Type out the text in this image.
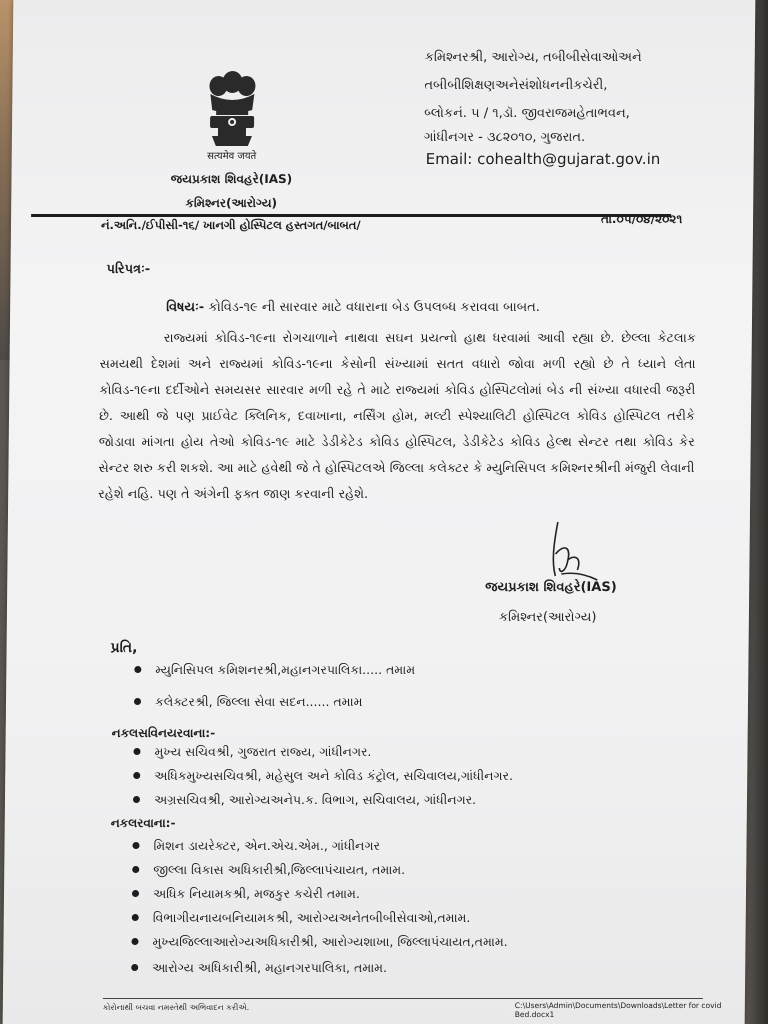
सत्यमेव जयते
જયપ્રકાશ શિવહરે(IAS)
કમિશ્નર(આરોગ્ય)
કમિશ્નરશ્રી, આરોગ્ય, તબીબીસેવાઓઅને
તબીબીશિક્ષણઅનેસંશોધનનીકચેરી,
બ્લોકનં. ૫ / ૧,ડૉ. જીવરાજમહેતાભવન,
ગાંધીનગર - ૩૮૨૦૧૦, ગુજરાત.
Email: cohealth@gujarat.gov.in
નં.અનિ./ઈપીસી-૧૬/ ખાનગી હોસ્પિટલ હસ્તગત/બાબત/	તા.૦૫/૦૪/૨૦૨૧
પરિપત્રઃ-
વિષયઃ- કોવિડ-૧૯ ની સારવાર માટે વધારાના બેડ ઉપલબ્ધ કરાવવા બાબત.
રાજ્યમાં કોવિડ-૧૯ના રોગચાળાને નાથવા સઘન પ્રયત્નો હાથ ધરવામાં આવી રહ્યા છે. છેલ્લા કેટલાક સમયથી દેશમાં અને રાજ્યમાં કોવિડ-૧૯ના કેસોની સંખ્યામાં સતત વધારો જોવા મળી રહ્યો છે તે ધ્યાને લેતા કોવિડ-૧૯ના દર્દીઓને સમયસર સારવાર મળી રહે તે માટે રાજ્યમાં કોવિડ હોસ્પિટલોમાં બેડ ની સંખ્યા વધારવી જરૂરી છે. આથી જે પણ પ્રાઈવેટ ક્લિનિક, દવાખાના, નર્સિંગ હોમ, મલ્ટી સ્પેશ્યાલિટી હોસ્પિટલ કોવિડ હોસ્પિટલ તરીકે જોડાવા માંગતા હોય તેઓ કોવિડ-૧૯ માટે ડેડીકેટેડ કોવિડ હોસ્પિટલ, ડેડીકેટેડ કોવિડ હેલ્થ સેન્ટર તથા કોવિડ કેર સેન્ટર શરુ કરી શકશે. આ માટે હવેથી જે તે હોસ્પિટલએ જિલ્લા કલેક્ટર કે મ્યુનિસિપલ કમિશ્નરશ્રીની મંજુરી લેવાની રહેશે નહિ. પણ તે અંગેની ફક્ત જાણ કરવાની રહેશે.
જયપ્રકાશ શિવહરે(IAS)
કમિશ્નર(આરોગ્ય)
પ્રતિ,
મ્યુનિસિપલ કમિશનરશ્રી,મહાનગરપાલિકા..... તમામ
કલેક્ટરશ્રી, જિલ્લા સેવા સદન...... તમામ
નકલસવિનયરવાના:-
મુખ્ય સચિવશ્રી, ગુજરાત રાજ્ય, ગાંધીનગર.
અધિકમુખ્યસચિવશ્રી, મહેસુલ અને કોવિડ કંટ્રોલ, સચિવાલય,ગાંધીનગર.
અગ્રસચિવશ્રી, આરોગ્યઅનેપ.ક. વિભાગ, સચિવાલય, ગાંધીનગર.
નકલરવાના:-
મિશન ડાયરેક્ટર, એન.એચ.એમ., ગાંધીનગર
જીલ્લા વિકાસ અધિકારીશ્રી,જિલ્લાપંચાયત, તમામ.
અધિક નિયામકશ્રી, મજકુર કચેરી તમામ.
વિભાગીયનાયબનિયામકશ્રી, આરોગ્યઅનેતબીબીસેવાઓ,તમામ.
મુખ્યજિલ્લાઆરોગ્યઅધિકારીશ્રી, આરોગ્યશાખા, જિલ્લાપંચાયત,તમામ.
આરોગ્ય અધિકારીશ્રી, મહાનગરપાલિકા, તમામ.
કોરોનાથી બચવા નમસ્તેથી અભિવાદન કરીએ.	C:\Users\Admin\Documents\Downloads\Letter for covid Bed.docx1
